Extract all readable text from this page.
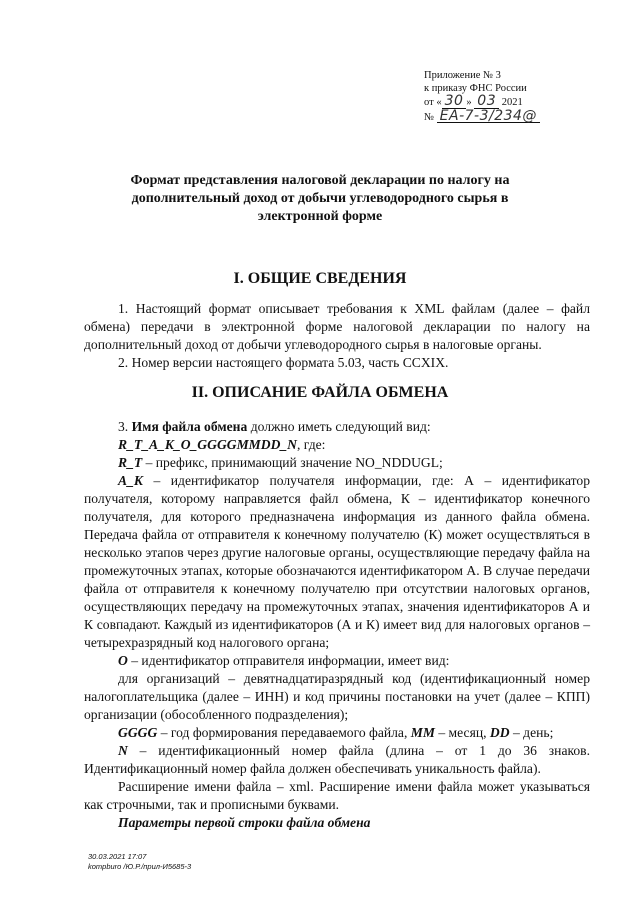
Приложение № 3
к приказу ФНС России
от « 30 » 03 2021
№ ЕА-7-3/234@
Формат представления налоговой декларации по налогу на дополнительный доход от добычи углеводородного сырья в электронной форме
I. ОБЩИЕ СВЕДЕНИЯ

1. Настоящий формат описывает требования к XML файлам (далее – файл обмена) передачи в электронной форме налоговой декларации по налогу на дополнительный доход от добычи углеводородного сырья в налоговые органы.

2. Номер версии настоящего формата 5.03, часть CCXIX.

II. ОПИСАНИЕ ФАЙЛА ОБМЕНА

3. Имя файла обмена должно иметь следующий вид:

R_T_A_K_O_GGGGMMDD_N, где:

R_T – префикс, принимающий значение NO_NDDUGL;

A_K – идентификатор получателя информации, где: А – идентификатор получателя, которому направляется файл обмена, К – идентификатор конечного получателя, для которого предназначена информация из данного файла обмена. Передача файла от отправителя к конечному получателю (К) может осуществляться в несколько этапов через другие налоговые органы, осуществляющие передачу файла на промежуточных этапах, которые обозначаются идентификатором А. В случае передачи файла от отправителя к конечному получателю при отсутствии налоговых органов, осуществляющих передачу на промежуточных этапах, значения идентификаторов А и К совпадают. Каждый из идентификаторов (А и К) имеет вид для налоговых органов – четырехразрядный код налогового органа;

O – идентификатор отправителя информации, имеет вид:

для организаций – девятнадцатиразрядный код (идентификационный номер налогоплательщика (далее – ИНН) и код причины постановки на учет (далее – КПП) организации (обособленного подразделения);

GGGG – год формирования передаваемого файла, MM – месяц, DD – день;

N – идентификационный номер файла (длина – от 1 до 36 знаков. Идентификационный номер файла должен обеспечивать уникальность файла).

Расширение имени файла – xml. Расширение имени файла может указываться как строчными, так и прописными буквами.

Параметры первой строки файла обмена

30.03.2021 17:07
kompburo /Ю.Р./прил-И5685-3
